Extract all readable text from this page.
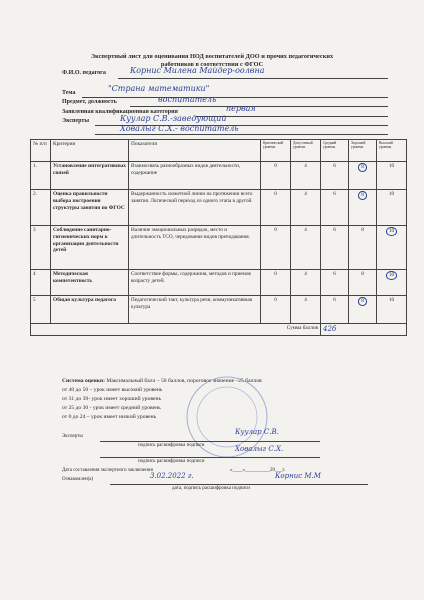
Экспертный лист для оценивания НОД воспитателей ДОО и прочих педагогических
работников в соответствии с ФГОС
Ф.И.О. педагога	Корнис Милена Майдер-оолвна
Тема	"Страна математики"
Предмет, должность	воспитатель
Заявленная квалификационная категория	первая
Эксперты	Куулар С.В.-заведующий
Ховалыг С.Х.- воспитатель
№ п/п	Критерии	Показатели	Критический уровень	Допустимый уровень	Средний уровень	Хороший уровень	Высокий уровень
1.	Установление интегративных связей	Взаимосвязь разнообразных видов деятельности, содержание	0	4	6	8	10
2.	Оценка правильности выбора построения структуры занятия по ФГОС	Выдержанность сюжетной линии на протяжении всего занятия. Логический переход из одного этапа в другой.	0	4	6	8	10
3	Соблюдение санитарно-гигиенических норм к организации деятельности детей	Наличие эмоциональных разрядок, место и длительность ТСО, чередование видов преподавания.	0	4	6	8	10
4	Методическая компетентность	Соответствие формы, содержания, методов и приемов возрасту детей.	0	4	6	8	10
5	Общая культура педагога	Педагогический такт, культура речи, коммуникативная культура	0	4	6	8	10
Сумма баллов					42б		
Система оценки: Максимальный балл – 50 баллов, пороговое значение –25 баллов
от 40 до 50 – урок имеет высокий уровень
от 31 до 39- урок имеет хороший уровень
от 25 до 30 - урок имеет средний уровень
от 0 до 24 – урок имеет низкий уровень
Эксперты
Куулар С.В.
подпись расшифровка подписи	Ховалыг С.Х.
подпись расшифровка подписи
Дата составления экспертного заключения	«____»__________20___г.
Ознакомлен(а)	3.02.2022 г.	Корнис М.М
дата, подпись расшифровка подписи
